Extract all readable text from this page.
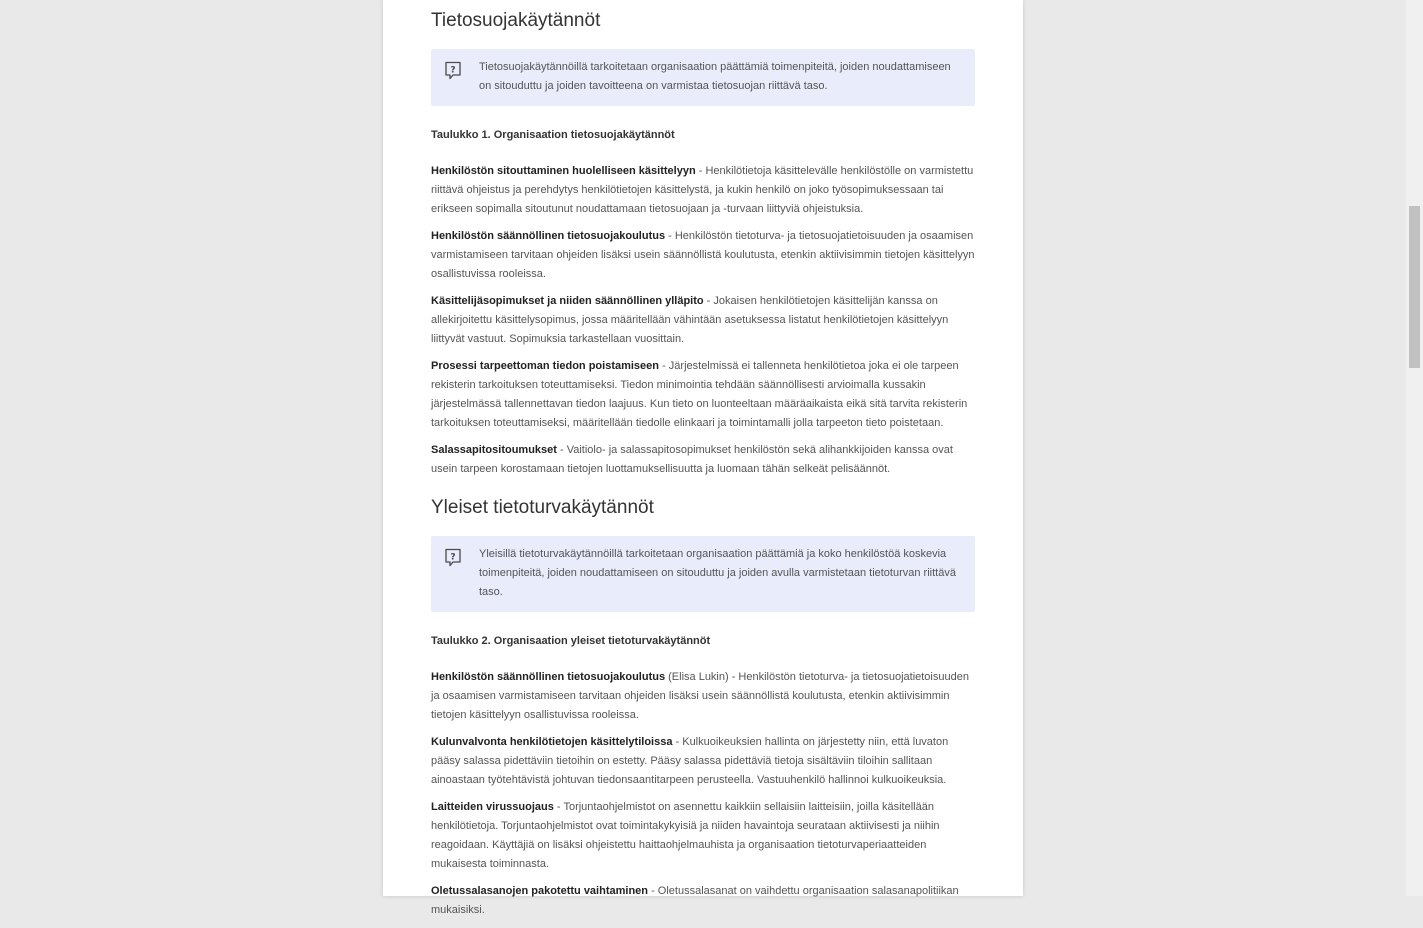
Tietosuojakäytännöt
? Tietosuojakäytännöillä tarkoitetaan organisaation päättämiä toimenpiteitä, joiden noudattamiseen on sitouduttu ja joiden tavoitteena on varmistaa tietosuojan riittävä taso.
Taulukko 1. Organisaation tietosuojakäytännöt

Henkilöstön sitouttaminen huolelliseen käsittelyyn - Henkilötietoja käsittelevälle henkilöstölle on varmistettu riittävä ohjeistus ja perehdytys henkilötietojen käsittelystä, ja kukin henkilö on joko työsopimuksessaan tai erikseen sopimalla sitoutunut noudattamaan tietosuojaan ja -turvaan liittyviä ohjeistuksia.

Henkilöstön säännöllinen tietosuojakoulutus - Henkilöstön tietoturva- ja tietosuojatietoisuuden ja osaamisen varmistamiseen tarvitaan ohjeiden lisäksi usein säännöllistä koulutusta, etenkin aktiivisimmin tietojen käsittelyyn osallistuvissa rooleissa.

Käsittelijäsopimukset ja niiden säännöllinen ylläpito - Jokaisen henkilötietojen käsittelijän kanssa on allekirjoitettu käsittelysopimus, jossa määritellään vähintään asetuksessa listatut henkilötietojen käsittelyyn liittyvät vastuut. Sopimuksia tarkastellaan vuosittain.

Prosessi tarpeettoman tiedon poistamiseen - Järjestelmissä ei tallenneta henkilötietoa joka ei ole tarpeen rekisterin tarkoituksen toteuttamiseksi. Tiedon minimointia tehdään säännöllisesti arvioimalla kussakin järjestelmässä tallennettavan tiedon laajuus. Kun tieto on luonteeltaan määräaikaista eikä sitä tarvita rekisterin tarkoituksen toteuttamiseksi, määritellään tiedolle elinkaari ja toimintamalli jolla tarpeeton tieto poistetaan.

Salassapitositoumukset - Vaitiolo- ja salassapitosopimukset henkilöstön sekä alihankkijoiden kanssa ovat usein tarpeen korostamaan tietojen luottamuksellisuutta ja luomaan tähän selkeät pelisäännöt.

Yleiset tietoturvakäytännöt
? Yleisillä tietoturvakäytännöillä tarkoitetaan organisaation päättämiä ja koko henkilöstöä koskevia toimenpiteitä, joiden noudattamiseen on sitouduttu ja joiden avulla varmistetaan tietoturvan riittävä taso.
Taulukko 2. Organisaation yleiset tietoturvakäytännöt

Henkilöstön säännöllinen tietosuojakoulutus (Elisa Lukin) - Henkilöstön tietoturva- ja tietosuojatietoisuuden ja osaamisen varmistamiseen tarvitaan ohjeiden lisäksi usein säännöllistä koulutusta, etenkin aktiivisimmin tietojen käsittelyyn osallistuvissa rooleissa.

Kulunvalvonta henkilötietojen käsittelytiloissa - Kulkuoikeuksien hallinta on järjestetty niin, että luvaton pääsy salassa pidettäviin tietoihin on estetty. Pääsy salassa pidettäviä tietoja sisältäviin tiloihin sallitaan ainoastaan työtehtävistä johtuvan tiedonsaantitarpeen perusteella. Vastuuhenkilö hallinnoi kulkuoikeuksia.

Laitteiden virussuojaus - Torjuntaohjelmistot on asennettu kaikkiin sellaisiin laitteisiin, joilla käsitellään henkilötietoja. Torjuntaohjelmistot ovat toimintakykyisiä ja niiden havaintoja seurataan aktiivisesti ja niihin reagoidaan. Käyttäjiä on lisäksi ohjeistettu haittaohjelmauhista ja organisaation tietoturvaperiaatteiden mukaisesta toiminnasta.

Oletussalasanojen pakotettu vaihtaminen - Oletussalasanat on vaihdettu organisaation salasanapolitiikan mukaisiksi.
